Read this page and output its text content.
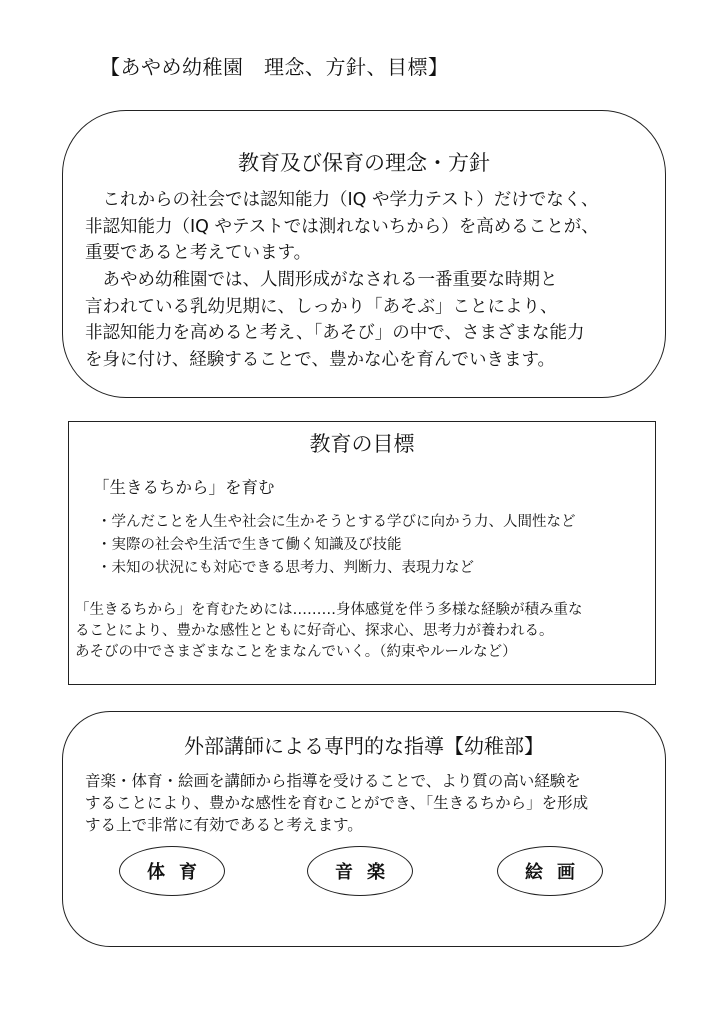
【あやめ幼稚園　理念、方針、目標】
教育及び保育の理念・方針
　これからの社会では認知能力（IQ や学力テスト）だけでなく、
非認知能力（IQ やテストでは測れないちから）を高めることが、
重要であると考えています。
　あやめ幼稚園では、人間形成がなされる一番重要な時期と
言われている乳幼児期に、しっかり「あそぶ」ことにより、
非認知能力を高めると考え、「あそび」の中で、さまざまな能力
を身に付け、経験することで、豊かな心を育んでいきます。
教育の目標
「生きるちから」を育む
・学んだことを人生や社会に生かそうとする学びに向かう力、人間性など
・実際の社会や生活で生きて働く知識及び技能
・未知の状況にも対応できる思考力、判断力、表現力など
「生きるちから」を育むためには………身体感覚を伴う多様な経験が積み重な
ることにより、豊かな感性とともに好奇心、探求心、思考力が養われる。
あそびの中でさまざまなことをまなんでいく。（約束やルールなど）
外部講師による専門的な指導【幼稚部】
音楽・体育・絵画を講師から指導を受けることで、より質の高い経験を
することにより、豊かな感性を育むことができ、「生きるちから」を形成
する上で非常に有効であると考えます。
体育	音楽	絵画
